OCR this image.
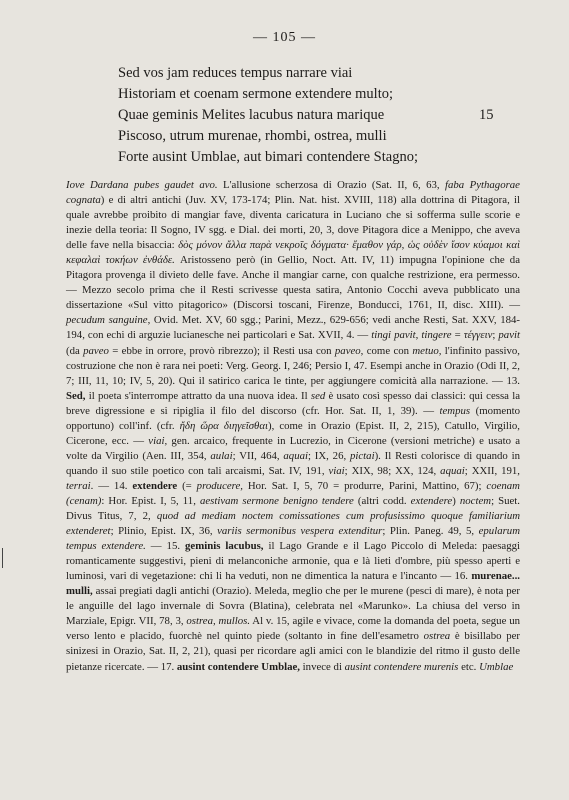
— 105 —
Sed vos jam reduces tempus narrare viai
Historiam et coenam sermone extendere multo;
Quae geminis Melites lacubus natura marique	15
Piscoso, utrum murenae, rhombi, ostrea, mulli
Forte ausint Umblae, aut bimari contendere Stagno;
Iove Dardana pubes gaudet avo. L'allusione scherzosa di Orazio (Sat. II, 6, 63, faba Pythagorae cognata) e di altri antichi (Juv. XV, 173-174; Plin. Nat. hist. XVIII, 118) alla dottrina di Pitagora, il quale avrebbe proibito di mangiar fave, diventa caricatura in Luciano che si sofferma sulle scorie e inezie della teoria: Il Sogno, IV sgg. e Dial. dei morti, 20, 3, dove Pitagora dice a Menippo, che aveva delle fave nella bisaccia: δὸς μόνον ἄλλα παρὰ νεκροῖς δόγματα· ἔμαθον γάρ, ὡς οὐδὲν ἴσον κύαμοι καὶ κεφαλαὶ τοκήων ἐνθάδε. Aristosseno però (in Gellio, Noct. Att. IV, 11) impugna l'opinione che da Pitagora provenga il divieto delle fave. Anche il mangiar carne, con qualche restrizione, era permesso. — Mezzo secolo prima che il Resti scrivesse questa satira, Antonio Cocchi aveva pubblicato una dissertazione «Sul vitto pitagorico» (Discorsi toscani, Firenze, Bonducci, 1761, II, disc. XIII). — pecudum sanguine, Ovid. Met. XV, 60 sgg.; Parini, Mezz., 629-656; vedi anche Resti, Sat. XXV, 184-194, con echi di arguzie lucianesche nei particolari e Sat. XVII, 4. — tingi pavit, tingere = τέγγειν; pavit (da paveo = ebbe in orrore, provò ribrezzo); il Resti usa con paveo, come con metuo, l'infinito passivo, costruzione che non è rara nei poeti: Verg. Georg. I, 246; Persio I, 47. Esempi anche in Orazio (Odi II, 2, 7; III, 11, 10; IV, 5, 20). Qui il satirico carica le tinte, per aggiungere comicità alla narrazione. — 13. Sed, il poeta s'interrompe attratto da una nuova idea. Il sed è usato così spesso dai classici: qui cessa la breve digressione e si ripiglia il filo del discorso (cfr. Hor. Sat. II, 1, 39). — tempus (momento opportuno) coll'inf. (cfr. ἤδη ὥρα διηγεῖσθαι), come in Orazio (Epist. II, 2, 215), Catullo, Virgilio, Cicerone, ecc. — viai, gen. arcaico, frequente in Lucrezio, in Cicerone (versioni metriche) e usato a volte da Virgilio (Aen. III, 354, aulai; VII, 464, aquai; IX, 26, pictai). Il Resti colorisce di quando in quando il suo stile poetico con tali arcaismi, Sat. IV, 191, viai; XIX, 98; XX, 124, aquai; XXII, 191, terrai. — 14. extendere (= producere, Hor. Sat. I, 5, 70 = produrre, Parini, Mattino, 67); coenam (cenam): Hor. Epist. I, 5, 11, aestivam sermone benigno tendere (altri codd. extendere) noctem; Suet. Divus Titus, 7, 2, quod ad mediam noctem comissationes cum profusissimo quoque familiarium extenderet; Plinio, Epist. IX, 36, variis sermonibus vespera extenditur; Plin. Paneg. 49, 5, epularum tempus extendere. — 15. geminis lacubus, il Lago Grande e il Lago Piccolo di Meleda: paesaggi romanticamente suggestivi, pieni di melanconiche armonie, qua e là lieti d'ombre, più spesso aperti e luminosi, vari di vegetazione: chi li ha veduti, non ne dimentica la natura e l'incanto — 16. murenae... mulli, assai pregiati dagli antichi (Orazio). Meleda, meglio che per le murene (pesci di mare), è nota per le anguille del lago invernale di Sovra (Blatina), celebrata nel «Marunko». La chiusa del verso in Marziale, Epigr. VII, 78, 3, ostrea, mullos. Al v. 15, agile e vivace, come la domanda del poeta, segue un verso lento e placido, fuorchè nel quinto piede (soltanto in fine dell'esametro ostrea è bisillabo per sinizesi in Orazio, Sat. II, 2, 21), quasi per ricordare agli amici con le blandizie del ritmo il gusto delle pietanze ricercate. — 17. ausint contendere Umblae, invece di ausint contendere murenis etc. Umblae
